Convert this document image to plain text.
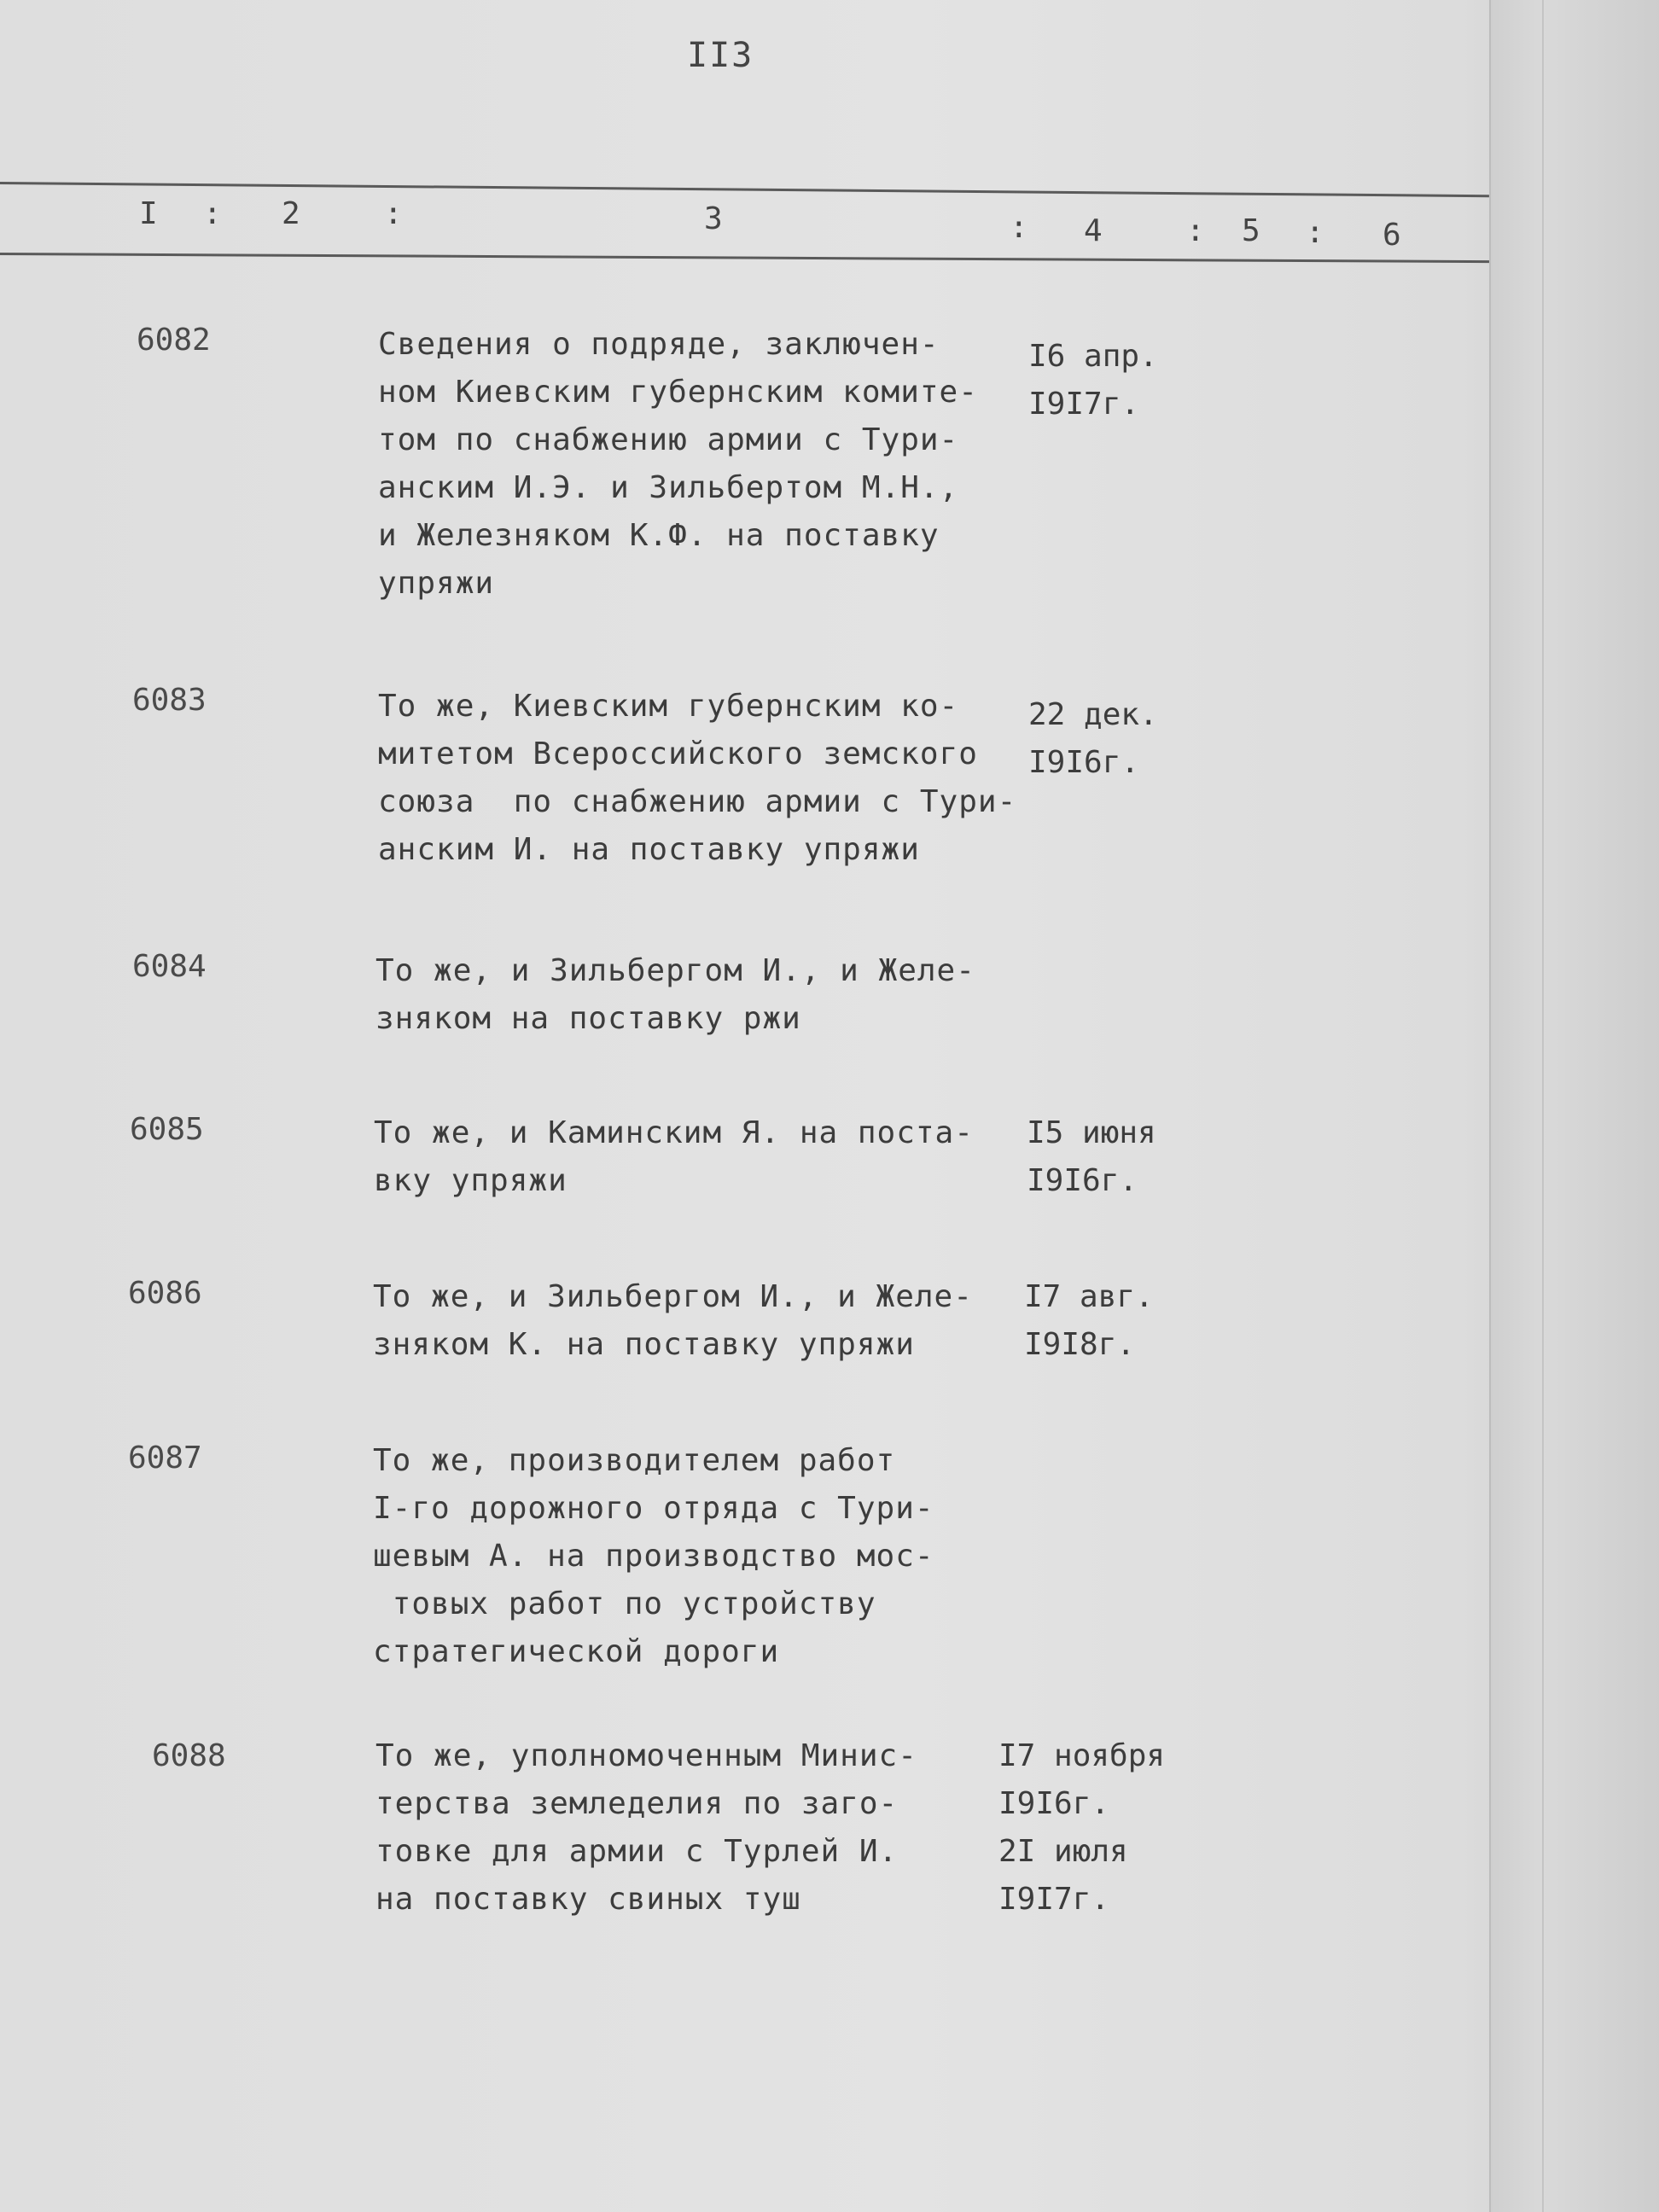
II3
I : 2	:	3	: 4	: 5 : 6
6082	Сведения о подряде, заключен-
ном Киевским губернским комите-
том по снабжению армии с Тури-
анским И.Э. и Зильбертом М.Н.,
и Железняком К.Ф. на поставку
упряжи
I6 апр.
I9I7г.
6083	То же, Киевским губернским ко-
митетом Всероссийского земского
союза  по снабжению армии с Тури-
анским И. на поставку упряжи
22 дек.
I9I6г.
6084	То же, и Зильбергом И., и Желе-
зняком на поставку ржи
6085	То же, и Каминским Я. на поста-
вку упряжи
I5 июня
I9I6г.
6086	То же, и Зильбергом И., и Желе-
зняком К. на поставку упряжи
I7 авг.
I9I8г.
6087	То же, производителем работ
I-го дорожного отряда с Тури-
шевым А. на производство мос-
товых работ по устройству
стратегической дороги
6088	То же, уполномоченным Минис-
терства земледелия по загo-
товке для армии с Турлей И.
на поставку свиных туш
I7 ноября
I9I6г.
2I июля
I9I7г.
